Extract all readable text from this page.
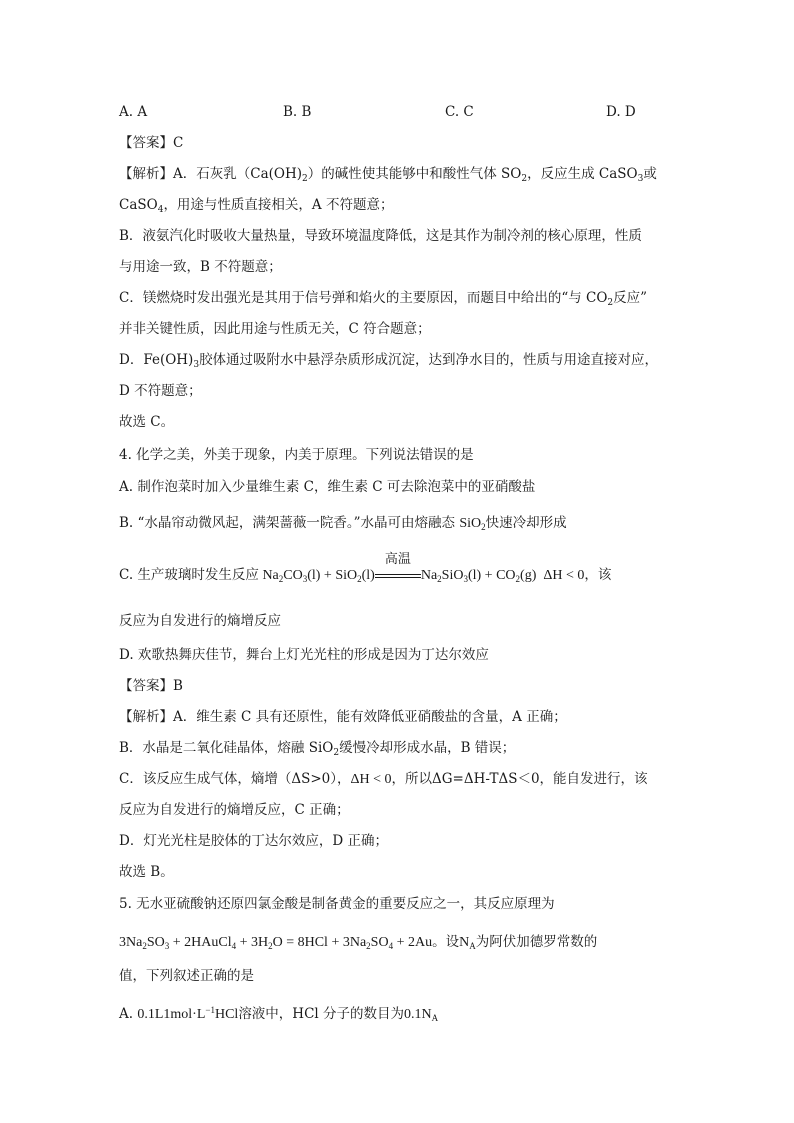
A. A	B. B	C. C	D. D
【答案】C
【解析】A．石灰乳$(Ca(OH)_2)$的碱性使其能够中和酸性气体 $SO_2$，反应生成 CaSO$_3$或
CaSO$_4$，用途与性质直接相关，A 不符题意；
B．液氨汽化时吸收大量热量，导致环境温度降低，这是其作为制冷剂的核心原理，性质
与用途一致，B 不符题意；
C．镁燃烧时发出强光是其用于信号弹和焰火的主要原因，而题目中给出的“与 $CO_2$反应”
并非关键性质，因此用途与性质无关，C 符合题意；
D．$Fe(OH)_3$胶体通过吸附水中悬浮杂质形成沉淀，达到净水目的，性质与用途直接对应，
D 不符题意；
故选 C。
4. 化学之美，外美于现象，内美于原理。下列说法错误的是
A. 制作泡菜时加入少量维生素 C，维生素 C 可去除泡菜中的亚硝酸盐
B. “水晶帘动微风起，满架蔷薇一院香。”水晶可由熔融态 SiO$_2$快速冷却形成
C. 生产玻璃时发生反应 $Na_2CO_3(l) + SiO_2(l)$
高温
$Na_2SiO_3(l) + CO_2(g) \Delta H < 0$，该
反应为自发进行的熵增反应
D. 欢歌热舞庆佳节，舞台上灯光光柱的形成是因为丁达尔效应
【答案】B
【解析】A．维生素 C 具有还原性，能有效降低亚硝酸盐的含量，A 正确；
B．水晶是二氧化硅晶体，熔融 SiO$_2$缓慢冷却形成水晶，B 错误；
C．该反应生成气体，熵增（ΔS>0），ΔH < 0，所以ΔG=ΔH-TΔS＜0，能自发进行，该
反应为自发进行的熵增反应，C 正确；
D．灯光光柱是胶体的丁达尔效应，D 正确；
故选 B。
5. 无水亚硫酸钠还原四氯金酸是制备黄金的重要反应之一，其反应原理为
$3Na_2SO_3$ + 2HAuCl$_4$ + $3H_2O = 8HCl + 3Na_2SO_4 + 2Au$。设$N_A$为阿伏加德罗常数的
值，下列叙述正确的是
A. $0.1L1mol\cdot L^{-1}HCl$溶液中，HCl 分子的数目为$0.1N_A$
